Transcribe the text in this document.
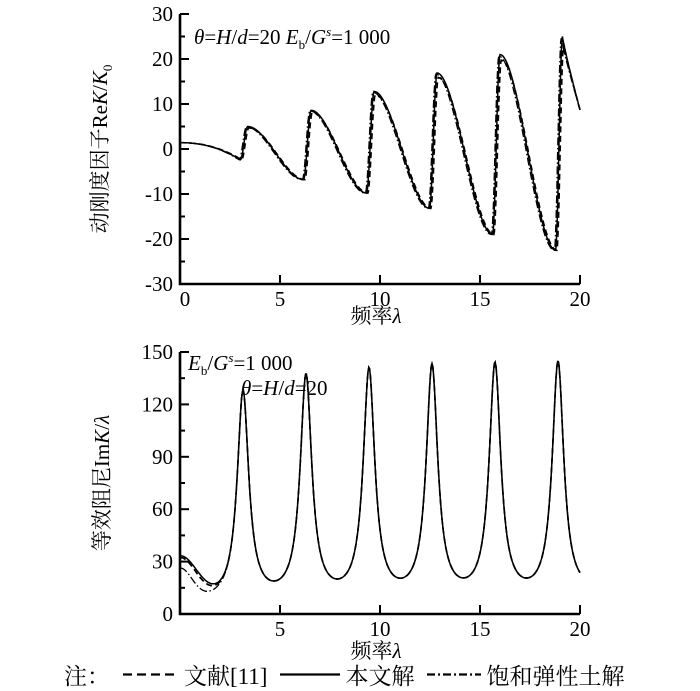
0	5	10	15	20
30
20
10
0
-10
-20
-30
5	10	15	20
150
120
90
60
30
0
动刚度因子ReK/$K_0$
等效阻尼ImK/λ
频率λ
频率λ
θ=H/d=20 $E_b/G^s=1$ 000
$E_b/G^s=1$ 000
θ=H/d=20
注：	文献[11]	本文解	饱和弹性土解
